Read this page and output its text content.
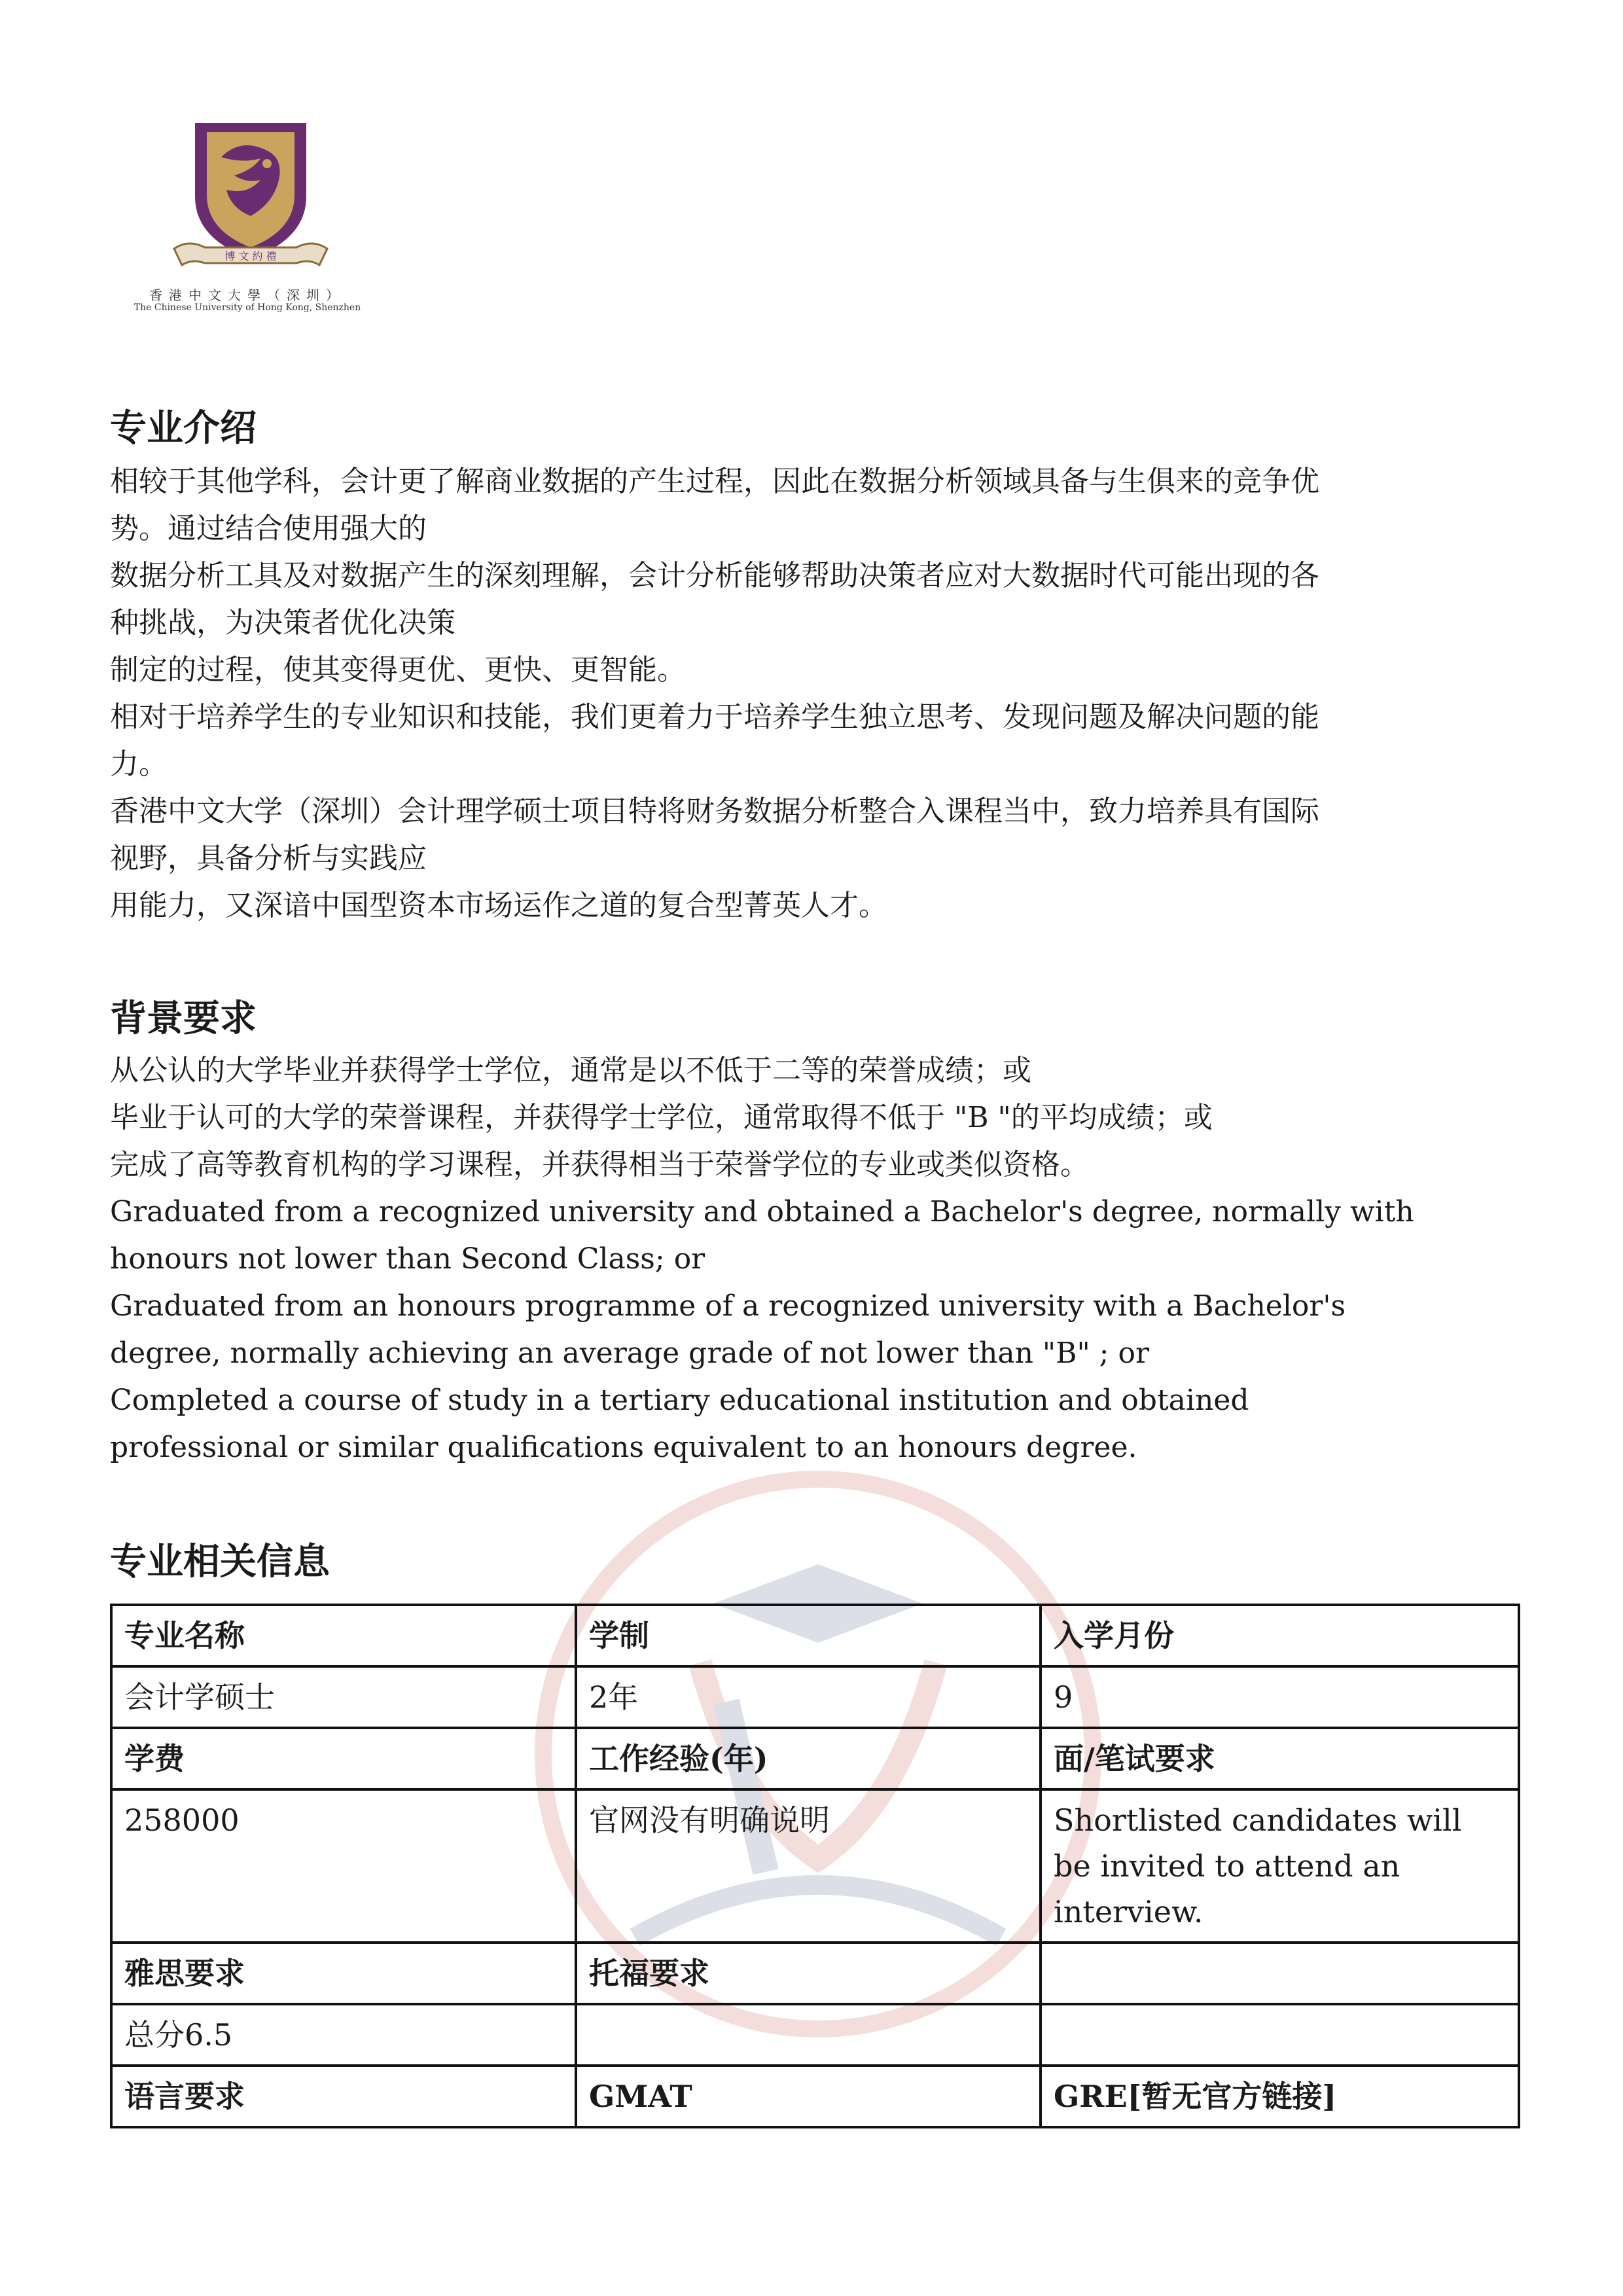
博 文 約 禮
香港中文大學（深圳）
The Chinese University of Hong Kong, Shenzhen
专业介绍

相较于其他学科，会计更了解商业数据的产生过程，因此在数据分析领域具备与生俱来的竞争优

势。通过结合使用强大的

数据分析工具及对数据产生的深刻理解，会计分析能够帮助决策者应对大数据时代可能出现的各

种挑战，为决策者优化决策

制定的过程，使其变得更优、更快、更智能。

相对于培养学生的专业知识和技能，我们更着力于培养学生独立思考、发现问题及解决问题的能

力。

香港中文大学（深圳）会计理学硕士项目特将财务数据分析整合入课程当中，致力培养具有国际

视野，具备分析与实践应

用能力，又深谙中国型资本市场运作之道的复合型菁英人才。

背景要求

从公认的大学毕业并获得学士学位，通常是以不低于二等的荣誉成绩；或

毕业于认可的大学的荣誉课程，并获得学士学位，通常取得不低于 "B "的平均成绩；或

完成了高等教育机构的学习课程，并获得相当于荣誉学位的专业或类似资格。

Graduated from a recognized university and obtained a Bachelor's degree, normally with

honours not lower than Second Class; or

Graduated from an honours programme of a recognized university with a Bachelor's

degree, normally achieving an average grade of not lower than "B" ; or

Completed a course of study in a tertiary educational institution and obtained

professional or similar qualifications equivalent to an honours degree.

专业相关信息
专业名称	学制	入学月份
会计学硕士	2年	9
学费	工作经验(年)	面/笔试要求
258000	官网没有明确说明	Shortlisted candidates will be invited to attend an interview.
雅思要求	托福要求	
总分6.5		
语言要求	GMAT	GRE[暂无官方链接]
